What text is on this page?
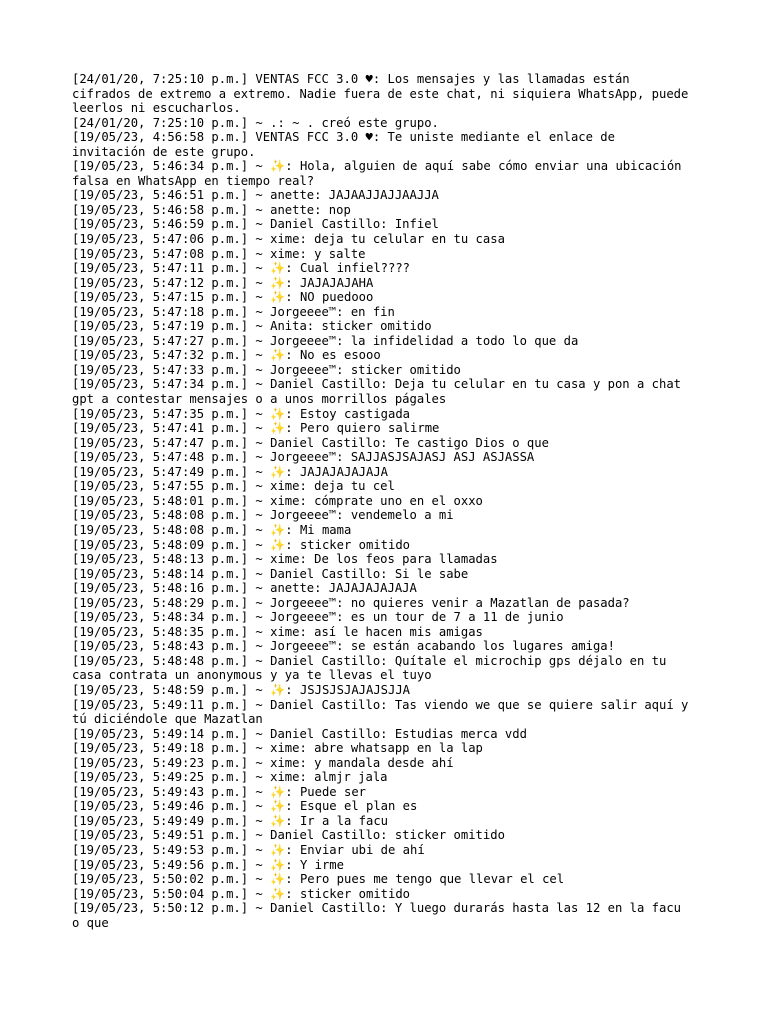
[24/01/20, 7:25:10 p.m.] VENTAS FCC 3.0 ♥: Los mensajes y las llamadas están cifrados de extremo a extremo. Nadie fuera de este chat, ni siquiera WhatsApp, puede leerlos ni escucharlos.

[24/01/20, 7:25:10 p.m.] ~ .: ~ . creó este grupo.

[19/05/23, 4:56:58 p.m.] VENTAS FCC 3.0 ♥: Te uniste mediante el enlace de invitación de este grupo.

[19/05/23, 5:46:34 p.m.] ~ ✨: Hola, alguien de aquí sabe cómo enviar una ubicación falsa en WhatsApp en tiempo real?

[19/05/23, 5:46:51 p.m.] ~ anette: JAJAAJJAJJAAJJA

[19/05/23, 5:46:58 p.m.] ~ anette: nop

[19/05/23, 5:46:59 p.m.] ~ Daniel Castillo: Infiel

[19/05/23, 5:47:06 p.m.] ~ xime: deja tu celular en tu casa

[19/05/23, 5:47:08 p.m.] ~ xime: y salte

[19/05/23, 5:47:11 p.m.] ~ ✨: Cual infiel????

[19/05/23, 5:47:12 p.m.] ~ ✨: JAJAJAJAHA

[19/05/23, 5:47:15 p.m.] ~ ✨: NO puedooo

[19/05/23, 5:47:18 p.m.] ~ Jorgeeee™: en fin

[19/05/23, 5:47:19 p.m.] ~ Anita: sticker omitido

[19/05/23, 5:47:27 p.m.] ~ Jorgeeee™: la infidelidad a todo lo que da

[19/05/23, 5:47:32 p.m.] ~ ✨: No es esooo

[19/05/23, 5:47:33 p.m.] ~ Jorgeeee™: sticker omitido

[19/05/23, 5:47:34 p.m.] ~ Daniel Castillo: Deja tu celular en tu casa y pon a chat gpt a contestar mensajes o a unos morrillos págales

[19/05/23, 5:47:35 p.m.] ~ ✨: Estoy castigada

[19/05/23, 5:47:41 p.m.] ~ ✨: Pero quiero salirme

[19/05/23, 5:47:47 p.m.] ~ Daniel Castillo: Te castigo Dios o que

[19/05/23, 5:47:48 p.m.] ~ Jorgeeee™: SAJJASJSAJASJ ASJ ASJASSA

[19/05/23, 5:47:49 p.m.] ~ ✨: JAJAJAJAJAJA

[19/05/23, 5:47:55 p.m.] ~ xime: deja tu cel

[19/05/23, 5:48:01 p.m.] ~ xime: cómprate uno en el oxxo

[19/05/23, 5:48:08 p.m.] ~ Jorgeeee™: vendemelo a mi

[19/05/23, 5:48:08 p.m.] ~ ✨: Mi mama

[19/05/23, 5:48:09 p.m.] ~ ✨: sticker omitido

[19/05/23, 5:48:13 p.m.] ~ xime: De los feos para llamadas

[19/05/23, 5:48:14 p.m.] ~ Daniel Castillo: Si le sabe

[19/05/23, 5:48:16 p.m.] ~ anette: JAJAJAJAJAJA

[19/05/23, 5:48:29 p.m.] ~ Jorgeeee™: no quieres venir a Mazatlan de pasada?

[19/05/23, 5:48:34 p.m.] ~ Jorgeeee™: es un tour de 7 a 11 de junio

[19/05/23, 5:48:35 p.m.] ~ xime: así le hacen mis amigas

[19/05/23, 5:48:43 p.m.] ~ Jorgeeee™: se están acabando los lugares amiga!

[19/05/23, 5:48:48 p.m.] ~ Daniel Castillo: Quítale el microchip gps déjalo en tu casa contrata un anonymous y ya te llevas el tuyo

[19/05/23, 5:48:59 p.m.] ~ ✨: JSJSJSJAJAJSJJA

[19/05/23, 5:49:11 p.m.] ~ Daniel Castillo: Tas viendo we que se quiere salir aquí y tú diciéndole que Mazatlan

[19/05/23, 5:49:14 p.m.] ~ Daniel Castillo: Estudias merca vdd

[19/05/23, 5:49:18 p.m.] ~ xime: abre whatsapp en la lap

[19/05/23, 5:49:23 p.m.] ~ xime: y mandala desde ahí

[19/05/23, 5:49:25 p.m.] ~ xime: almjr jala

[19/05/23, 5:49:43 p.m.] ~ ✨: Puede ser

[19/05/23, 5:49:46 p.m.] ~ ✨: Esque el plan es

[19/05/23, 5:49:49 p.m.] ~ ✨: Ir a la facu

[19/05/23, 5:49:51 p.m.] ~ Daniel Castillo: sticker omitido

[19/05/23, 5:49:53 p.m.] ~ ✨: Enviar ubi de ahí

[19/05/23, 5:49:56 p.m.] ~ ✨: Y irme

[19/05/23, 5:50:02 p.m.] ~ ✨: Pero pues me tengo que llevar el cel

[19/05/23, 5:50:04 p.m.] ~ ✨: sticker omitido

[19/05/23, 5:50:12 p.m.] ~ Daniel Castillo: Y luego durarás hasta las 12 en la facu o que
